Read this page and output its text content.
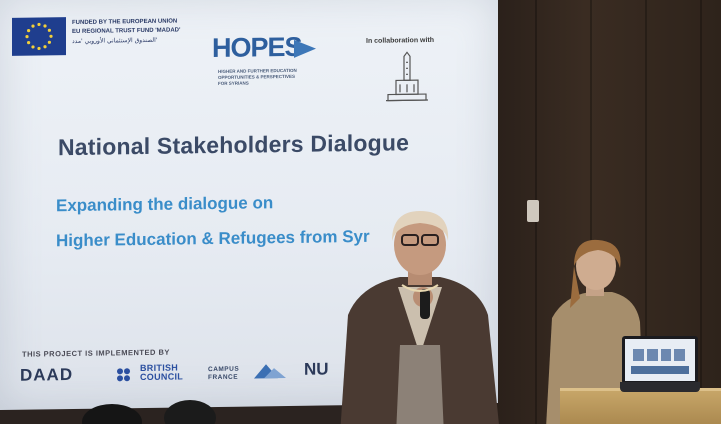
FUNDED BY THE EUROPEAN UNION
EU REGIONAL TRUST FUND 'MADAD'
الصندوق الإستئماني الأوروبي 'مدد'	HOPES
HIGHER AND FURTHER EDUCATION
OPPORTUNITIES & PERSPECTIVES
FOR SYRIANS
In collaboration with
National Stakeholders Dialogue
Expanding the dialogue on
Higher Education & Refugees from Syr
THIS PROJECT IS IMPLEMENTED BY
DAAD	BRITISH
COUNCIL
CAMPUS
FRANCE	NU
